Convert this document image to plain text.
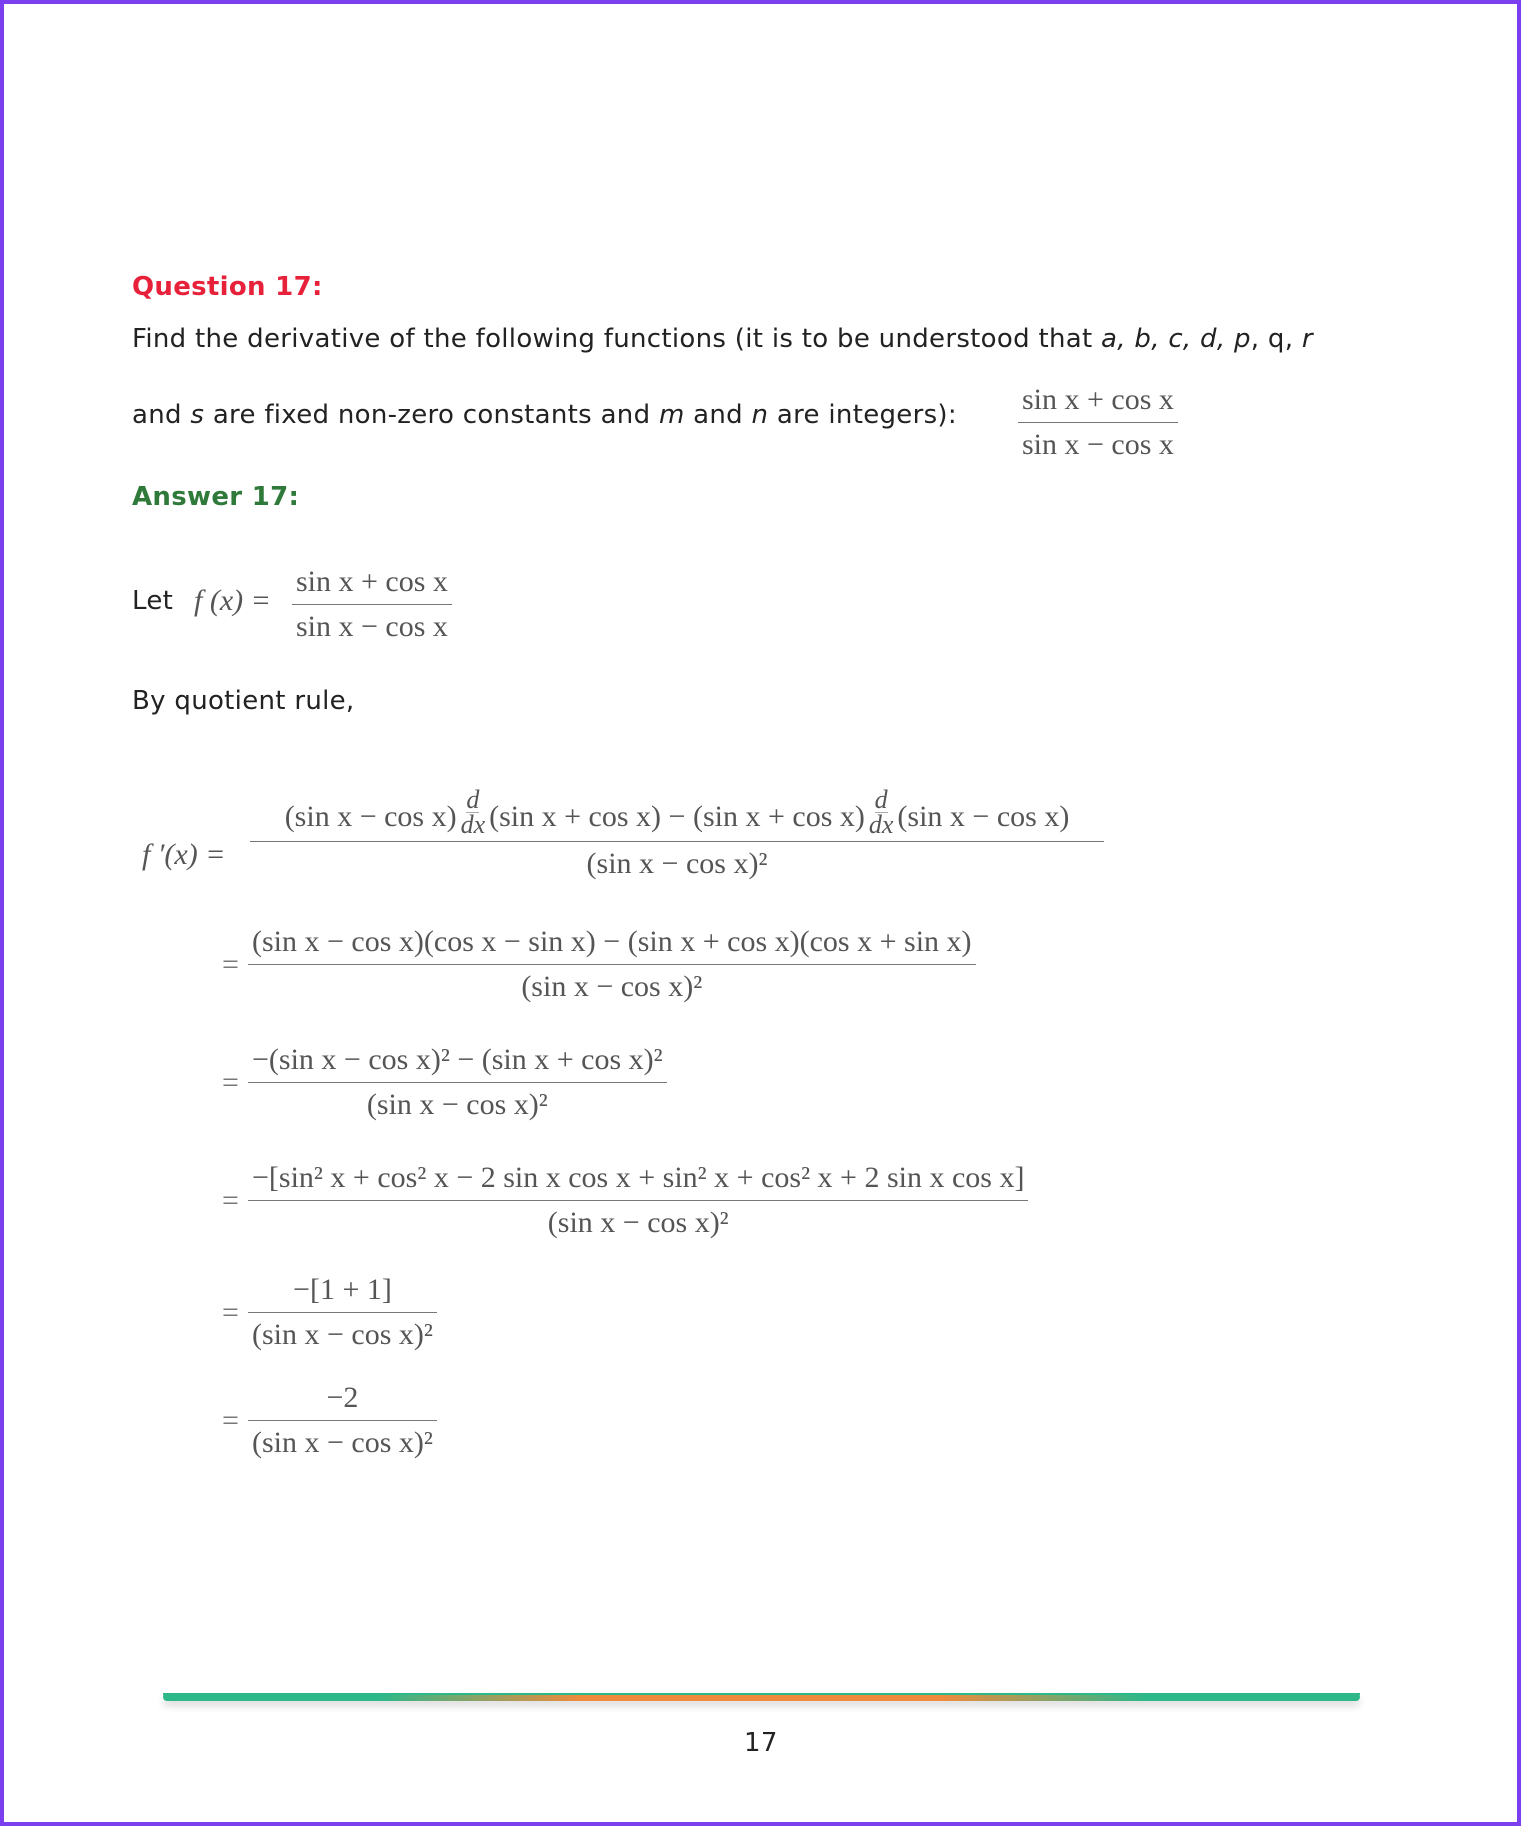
Question 17:
Find the derivative of the following functions (it is to be understood that a, b, c, d, p, q, r
and s are fixed non-zero constants and m and n are integers): sin x + cos x
sin x − cos x
Answer 17:
Let f (x) =
sin x + cos x
sin x − cos x
By quotient rule,
f ′(x) =
(sin x − cos x) d
dx (sin x + cos x) − (sin x + cos x) d
dx (sin x − cos x)
(sin x − cos x)²
=
(sin x − cos x)(cos x − sin x) − (sin x + cos x)(cos x + sin x)
(sin x − cos x)²
=
−(sin x − cos x)² − (sin x + cos x)²
(sin x − cos x)²
=
−[sin² x + cos² x − 2 sin x cos x + sin² x + cos² x + 2 sin x cos x]
(sin x − cos x)²
=
−[1 + 1]
(sin x − cos x)²
=
−2
(sin x − cos x)²
17
